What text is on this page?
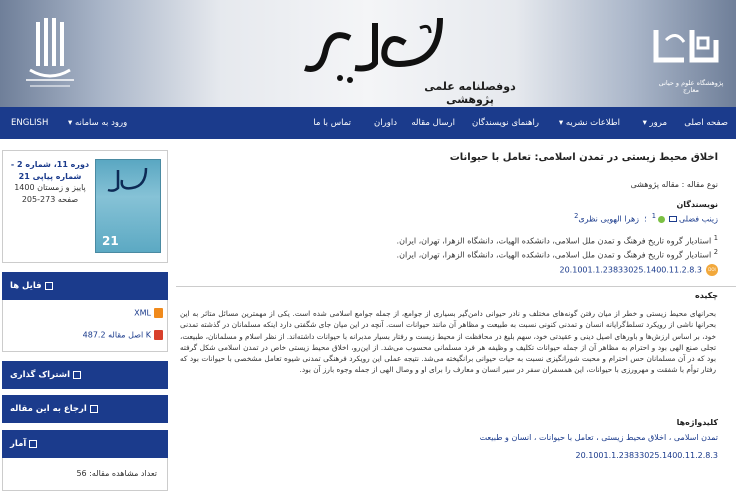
دوفصلنامه علمی پژوهشی
پژوهشگاه علوم و حیانی معارج
صفحه اصلی
مرور ▾
اطلاعات نشریه ▾
راهنمای نویسندگان
ارسال مقاله
داوران
تماس با ما
ورود به سامانه ▾
ENGLISH
دوره 11، شماره 2 -
شماره پیاپی 21
پاییز و زمستان 1400
صفحه 273-205
21
فایل ها
XML
اصل مقاله 487.2 K
اشتراک گذاری
ارجاع به این مقاله
آمار
تعداد مشاهده مقاله: 56
اخلاق محیط زیستی در تمدن اسلامی: تعامل با حیوانات
نوع مقاله : مقاله پژوهشی
نویسندگان
زینب فضلی$^1$  ؛  زهرا الهویی نظری$^2$
$^1$ استادیار گروه تاریخ فرهنگ و تمدن ملل اسلامی، دانشکده الهیات، دانشگاه الزهرا، تهران، ایران.
$^2$ استادیار گروه تاریخ فرهنگ و تمدن ملل اسلامی، دانشکده الهیات، دانشگاه الزهرا، تهران، ایران.
20.1001.1.23833025.1400.11.2.8.3 DOI
چکیده
بحرانهای محیط زیستی و خطر از میان رفتن گونه‌های مختلف و نادر حیوانی دامن‌گیر بسیاری از جوامع، از جمله جوامع اسلامی شده است. یکی از مهمترین مسائل متاثر به این بحرانها ناشی از رویکرد تسلط‌گرایانه انسان و تمدنی کنونی نسبت به طبیعت و مظاهر آن مانند حیوانات است. آنچه در این میان جای شگفتی دارد اینکه مسلمانان در گذشته تمدنی خود، بر اساس ارزش‌ها و باورهای اصیل دینی و عقیدتی خود، سهم بلیغ در محافظت از محیط زیست و رفتار بسیار مدبرانه با حیوانات داشته‌اند. از نظر اسلام و مسلمانان، طبیعت، تجلی صنع الهی بود و احترام به مظاهر آن از جمله حیوانات تکلیف و وظیفه هر فرد مسلمانی محسوب می‌شد. از این‌رو، اخلاق محیط زیستی خاص در تمدن اسلامی شکل گرفته بود که در آن مسلمانان حس احترام و محبت شورانگیزی نسبت به حیات حیوانی برانگیخته می‌شد. نتیجه عملی این رویکرد فرهنگی تمدنی شیوه تعامل مشخصی با حیوانات بود که رفتار توأم با شفقت و مهرورزی با حیوانات، این همسفران سفر در سیر انسان و معارف را برای او و وصال الهی از جمله وجوه بارز آن بود.
کلیدواژه‌ها
تمدن اسلامی ، اخلاق محیط زیستی ، تعامل با حیوانات ، انسان و طبیعت
20.1001.1.23833025.1400.11.2.8.3
